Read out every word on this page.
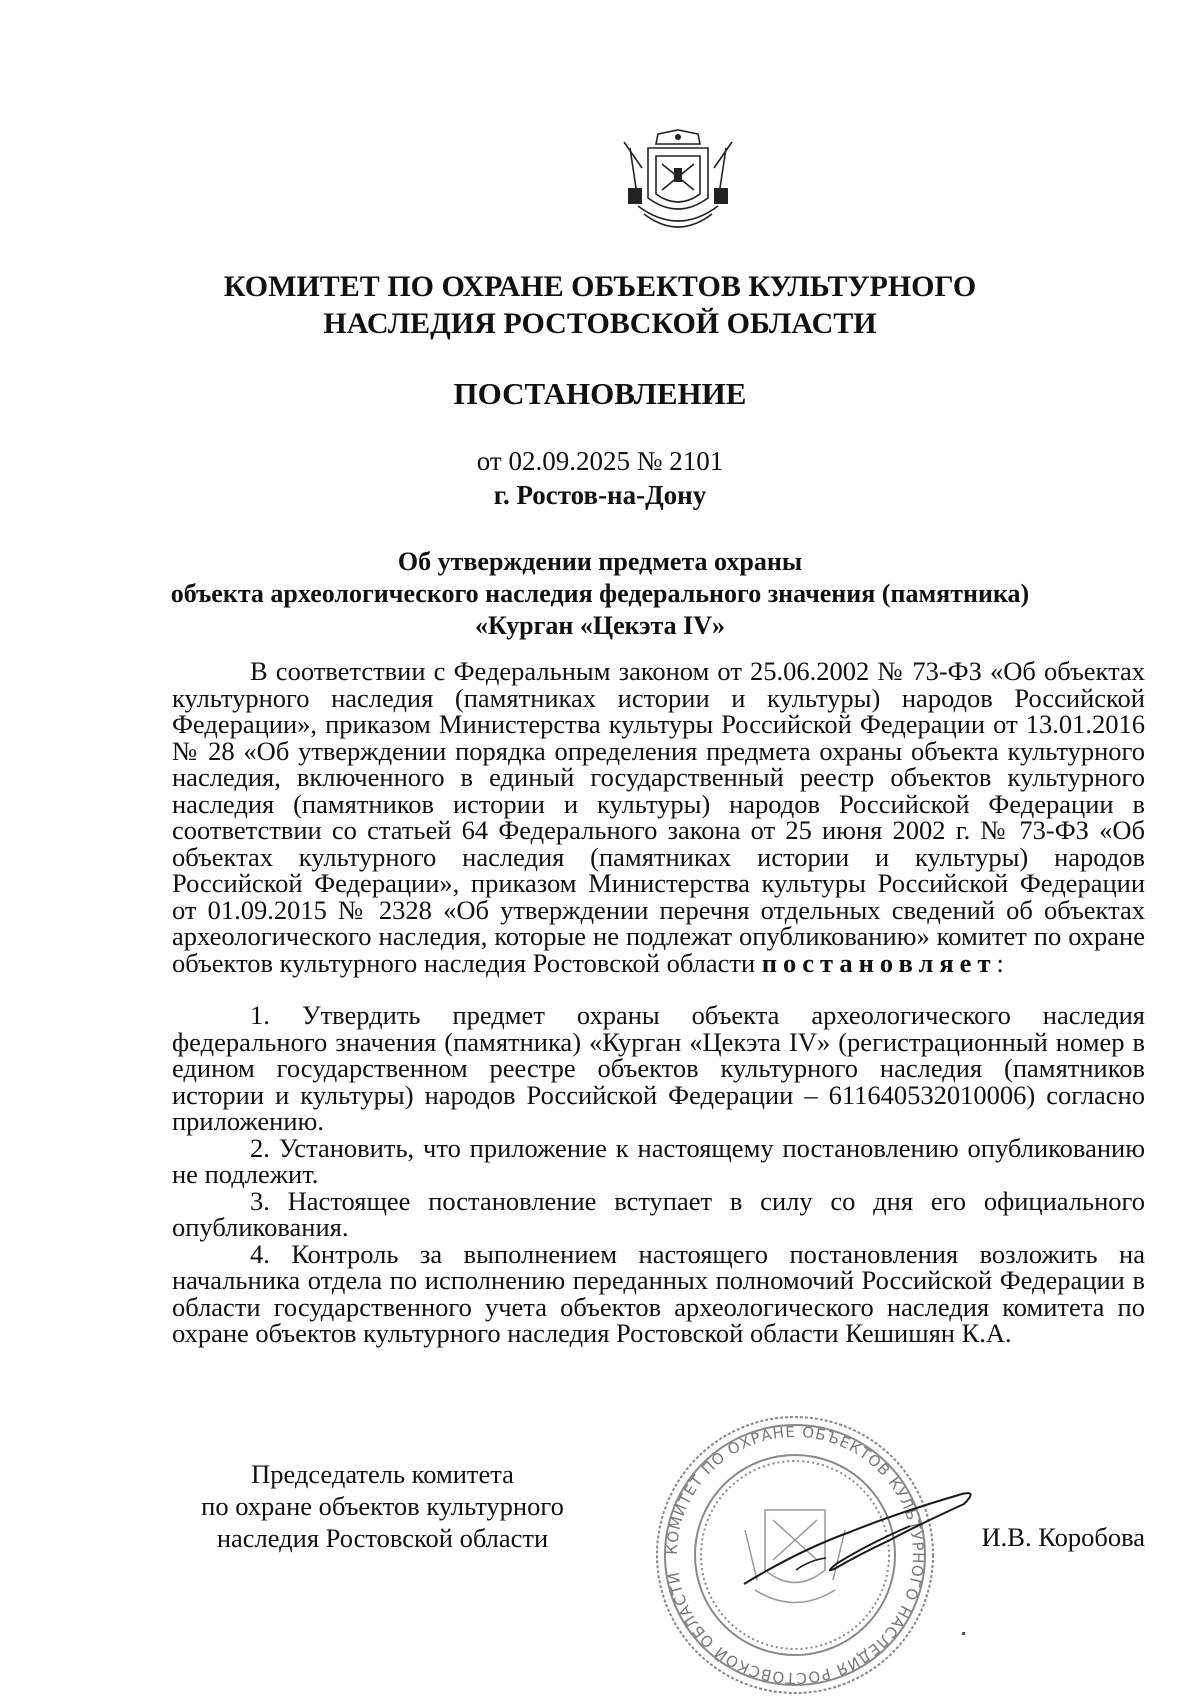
КОМИТЕТ ПО ОХРАНЕ ОБЪЕКТОВ КУЛЬТУРНОГО
НАСЛЕДИЯ РОСТОВСКОЙ ОБЛАСТИ
ПОСТАНОВЛЕНИЕ
от 02.09.2025 № 2101
г. Ростов-на-Дону
Об утверждении предмета охраны
объекта археологического наследия федерального значения (памятника)
«Курган «Цекэта IV»

В соответствии с Федеральным законом от 25.06.2002 № 73-ФЗ «Об объектах культурного наследия (памятниках истории и культуры) народов Российской Федерации», приказом Министерства культуры Российской Федерации от 13.01.2016 № 28 «Об утверждении порядка определения предмета охраны объекта культурного наследия, включенного в единый государственный реестр объектов культурного наследия (памятников истории и культуры) народов Российской Федерации в соответствии со статьей 64 Федерального закона от 25 июня 2002 г. № 73-ФЗ «Об объектах культурного наследия (памятниках истории и культуры) народов Российской Федерации», приказом Министерства культуры Российской Федерации от 01.09.2015 № 2328 «Об утверждении перечня отдельных сведений об объектах археологического наследия, которые не подлежат опубликованию» комитет по охране объектов культурного наследия Ростовской области постановляет:

1. Утвердить предмет охраны объекта археологического наследия федерального значения (памятника) «Курган «Цекэта IV» (регистрационный номер в едином государственном реестре объектов культурного наследия (памятников истории и культуры) народов Российской Федерации – 611640532010006) согласно приложению.

2. Установить, что приложение к настоящему постановлению опубликованию не подлежит.

3. Настоящее постановление вступает в силу со дня его официального опубликования.

4. Контроль за выполнением настоящего постановления возложить на начальника отдела по исполнению переданных полномочий Российской Федерации в области государственного учета объектов археологического наследия комитета по охране объектов культурного наследия Ростовской области Кешишян К.А.

Председатель комитета
по охране объектов культурного
наследия Ростовской области	КОМИТЕТ ПО ОХРАНЕ ОБЪЕКТОВ КУЛЬТУРНОГО НАСЛЕДИЯ РОСТОВСКОЙ ОБЛАСТИ
И.В. Коробова
